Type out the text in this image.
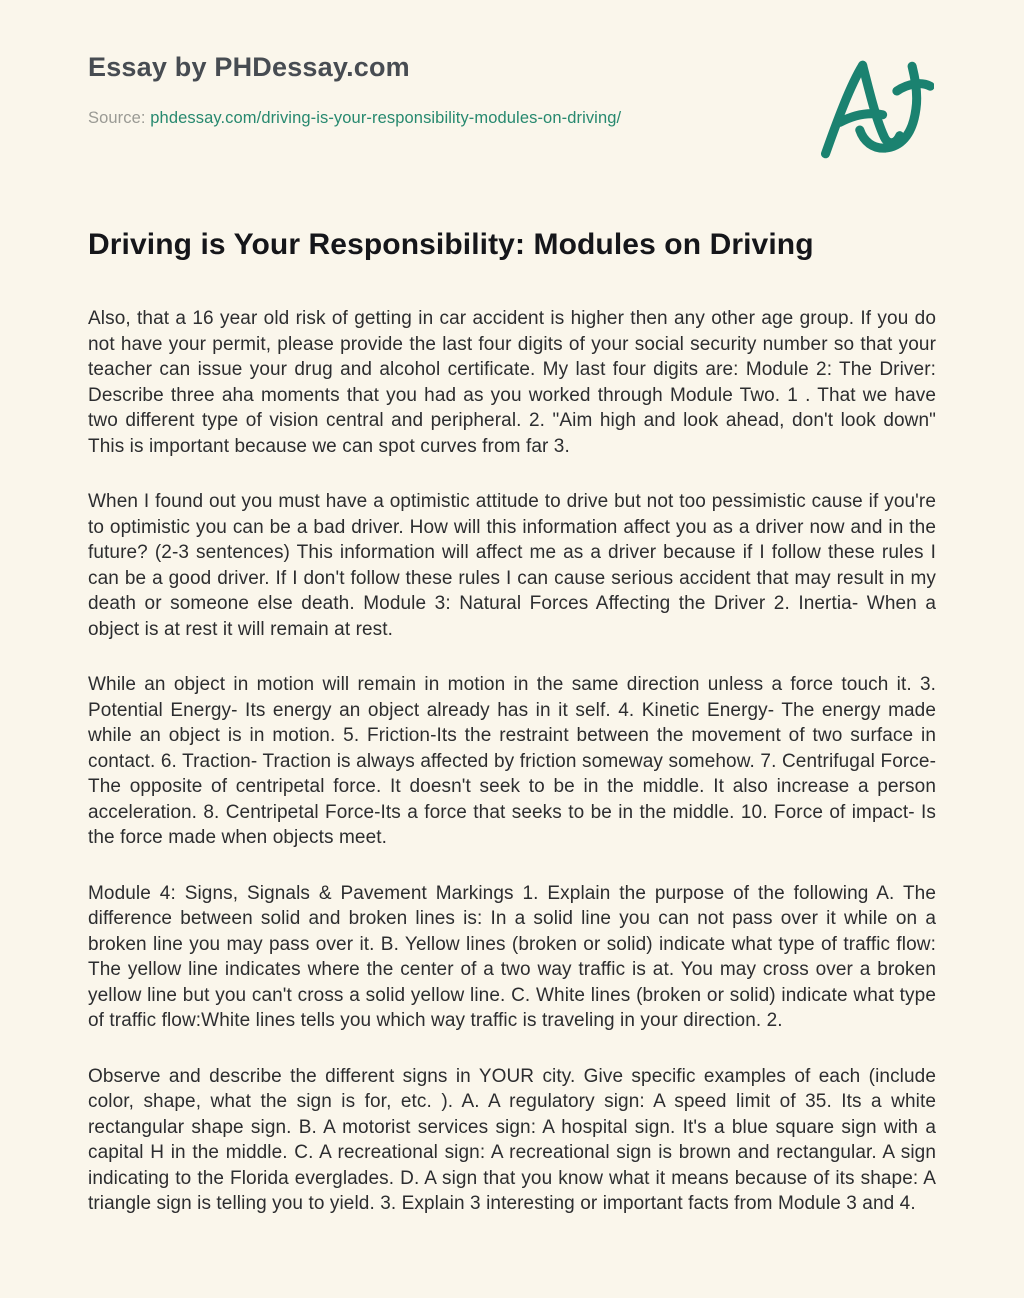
Essay by PHDessay.com
Source: phdessay.com/driving-is-your-responsibility-modules-on-driving/
Driving is Your Responsibility: Modules on Driving

Also, that a 16 year old risk of getting in car accident is higher then any other age group. If you do not have your permit, please provide the last four digits of your social security number so that your teacher can issue your drug and alcohol certificate. My last four digits are: Module 2: The Driver: Describe three aha moments that you had as you worked through Module Two. 1 . That we have two different type of vision central and peripheral. 2. "Aim high and look ahead, don't look down" This is important because we can spot curves from far 3.

When I found out you must have a optimistic attitude to drive but not too pessimistic cause if you're to optimistic you can be a bad driver. How will this information affect you as a driver now and in the future? (2-3 sentences) This information will affect me as a driver because if I follow these rules I can be a good driver. If I don't follow these rules I can cause serious accident that may result in my death or someone else death. Module 3: Natural Forces Affecting the Driver 2. Inertia- When a object is at rest it will remain at rest.

While an object in motion will remain in motion in the same direction unless a force touch it. 3. Potential Energy- Its energy an object already has in it self. 4. Kinetic Energy- The energy made while an object is in motion. 5. Friction-Its the restraint between the movement of two surface in contact. 6. Traction- Traction is always affected by friction someway somehow. 7. Centrifugal Force- The opposite of centripetal force. It doesn't seek to be in the middle. It also increase a person acceleration. 8. Centripetal Force-Its a force that seeks to be in the middle. 10. Force of impact- Is the force made when objects meet.

Module 4: Signs, Signals & Pavement Markings 1. Explain the purpose of the following A. The difference between solid and broken lines is: In a solid line you can not pass over it while on a broken line you may pass over it. B. Yellow lines (broken or solid) indicate what type of traffic flow: The yellow line indicates where the center of a two way traffic is at. You may cross over a broken yellow line but you can't cross a solid yellow line. C. White lines (broken or solid) indicate what type of traffic flow:White lines tells you which way traffic is traveling in your direction. 2.

Observe and describe the different signs in YOUR city. Give specific examples of each (include color, shape, what the sign is for, etc. ). A. A regulatory sign: A speed limit of 35. Its a white rectangular shape sign. B. A motorist services sign: A hospital sign. It's a blue square sign with a capital H in the middle. C. A recreational sign: A recreational sign is brown and rectangular. A sign indicating to the Florida everglades. D. A sign that you know what it means because of its shape: A triangle sign is telling you to yield. 3. Explain 3 interesting or important facts from Module 3 and 4.
